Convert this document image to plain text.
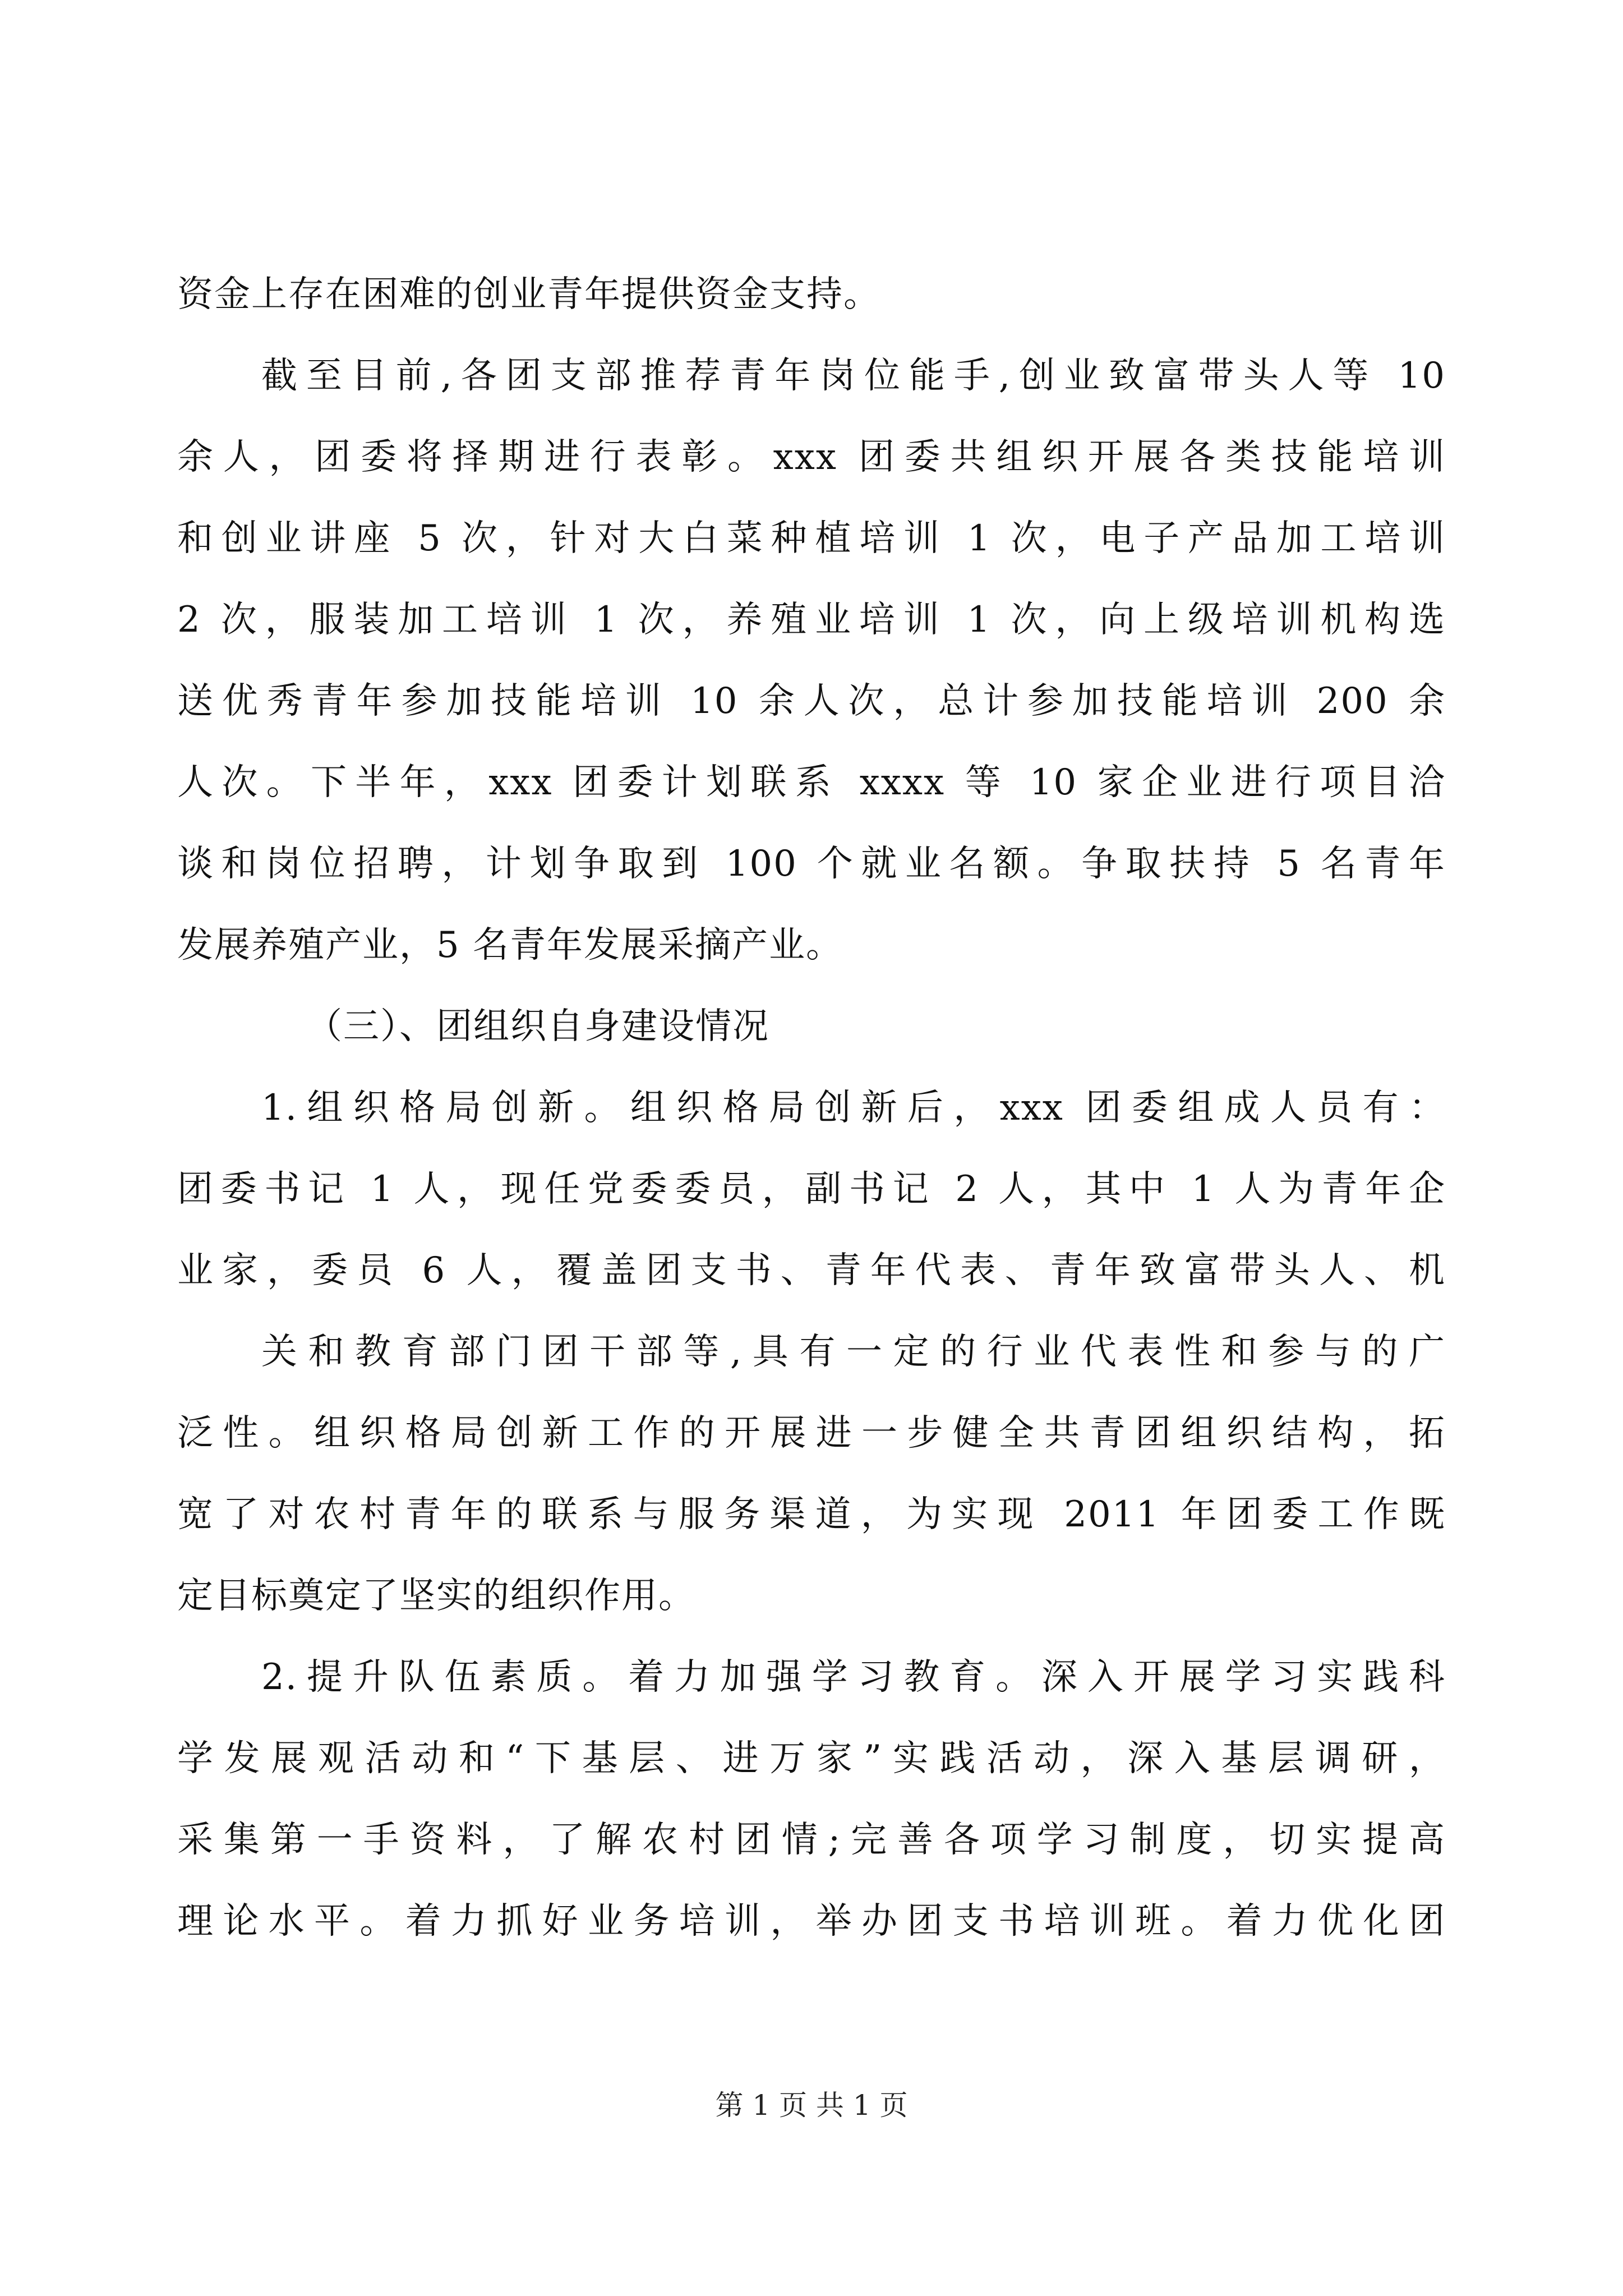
资金上存在困难的创业青年提供资金支持。
截至目前,各团支部推荐青年岗位能手,创业致富带头人等 10
余人，团委将择期进行表彰。xxx 团委共组织开展各类技能培训
和创业讲座 5 次，针对大白菜种植培训 1 次，电子产品加工培训
2 次，服装加工培训 1 次，养殖业培训 1 次，向上级培训机构选
送优秀青年参加技能培训 10 余人次，总计参加技能培训 200 余
人次。下半年，xxx 团委计划联系 xxxx 等 10 家企业进行项目洽
谈和岗位招聘，计划争取到 100 个就业名额。争取扶持 5 名青年
发展养殖产业，5 名青年发展采摘产业。
（三）、团组织自身建设情况
1.组织格局创新。组织格局创新后，xxx 团委组成人员有：
团委书记 1 人，现任党委委员，副书记 2 人，其中 1 人为青年企
业家，委员 6 人，覆盖团支书、青年代表、青年致富带头人、机
关和教育部门团干部等,具有一定的行业代表性和参与的广
泛性。组织格局创新工作的开展进一步健全共青团组织结构，拓
宽了对农村青年的联系与服务渠道，为实现 2011 年团委工作既
定目标奠定了坚实的组织作用。
2.提升队伍素质。着力加强学习教育。深入开展学习实践科
学发展观活动和“下基层、进万家”实践活动，深入基层调研，
采集第一手资料，了解农村团情;完善各项学习制度，切实提高
理论水平。着力抓好业务培训，举办团支书培训班。着力优化团
第 1 页 共 1 页
